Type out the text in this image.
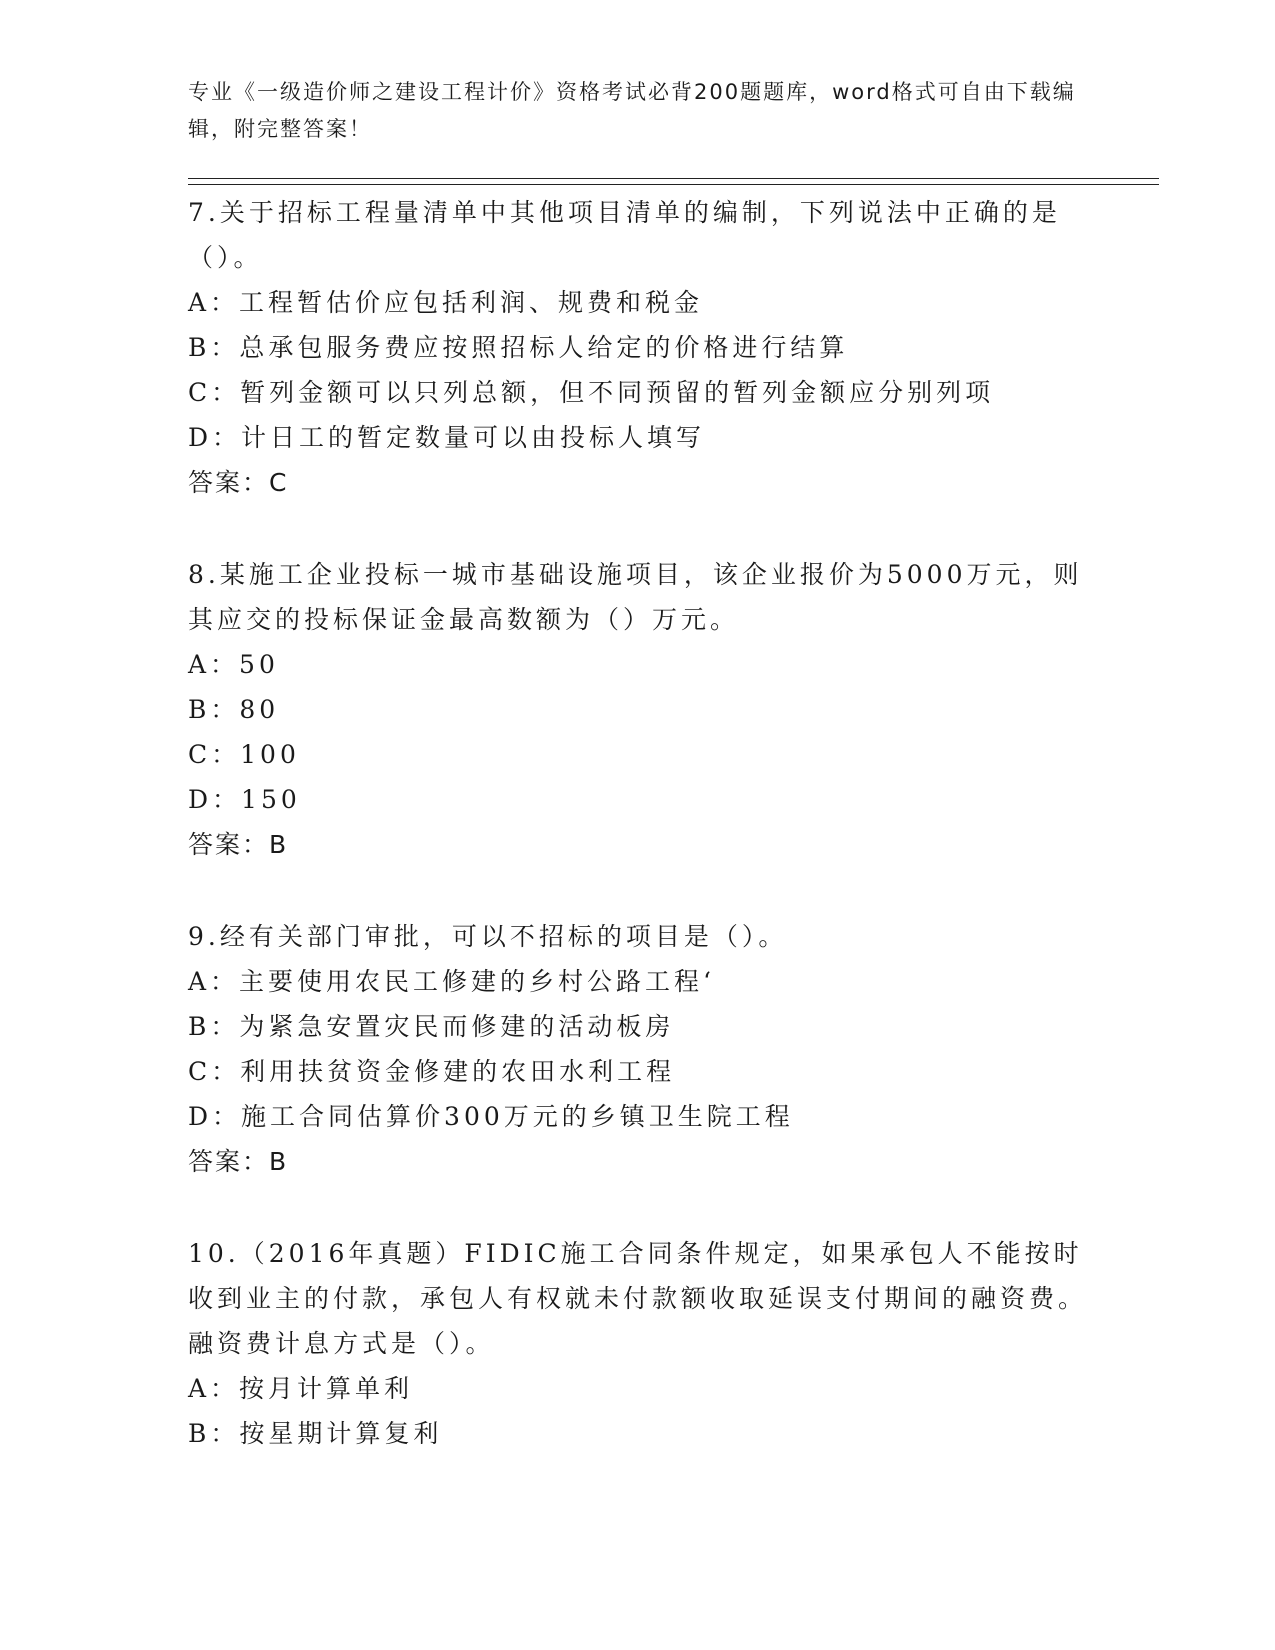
专业《一级造价师之建设工程计价》资格考试必背200题题库，word格式可自由下载编辑，附完整答案！
7.关于招标工程量清单中其他项目清单的编制，下列说法中正确的是（）。
A：工程暂估价应包括利润、规费和税金
B：总承包服务费应按照招标人给定的价格进行结算
C：暂列金额可以只列总额，但不同预留的暂列金额应分别列项
D：计日工的暂定数量可以由投标人填写
答案：C
8.某施工企业投标一城市基础设施项目，该企业报价为5000万元，则其应交的投标保证金最高数额为（）万元。
A：50
B：80
C：100
D：150
答案：B
9.经有关部门审批，可以不招标的项目是（）。
A：主要使用农民工修建的乡村公路工程‘
B：为紧急安置灾民而修建的活动板房
C：利用扶贫资金修建的农田水利工程
D：施工合同估算价300万元的乡镇卫生院工程
答案：B
10.（2016年真题）FIDIC施工合同条件规定，如果承包人不能按时收到业主的付款，承包人有权就未付款额收取延误支付期间的融资费。融资费计息方式是（）。
A：按月计算单利
B：按星期计算复利
